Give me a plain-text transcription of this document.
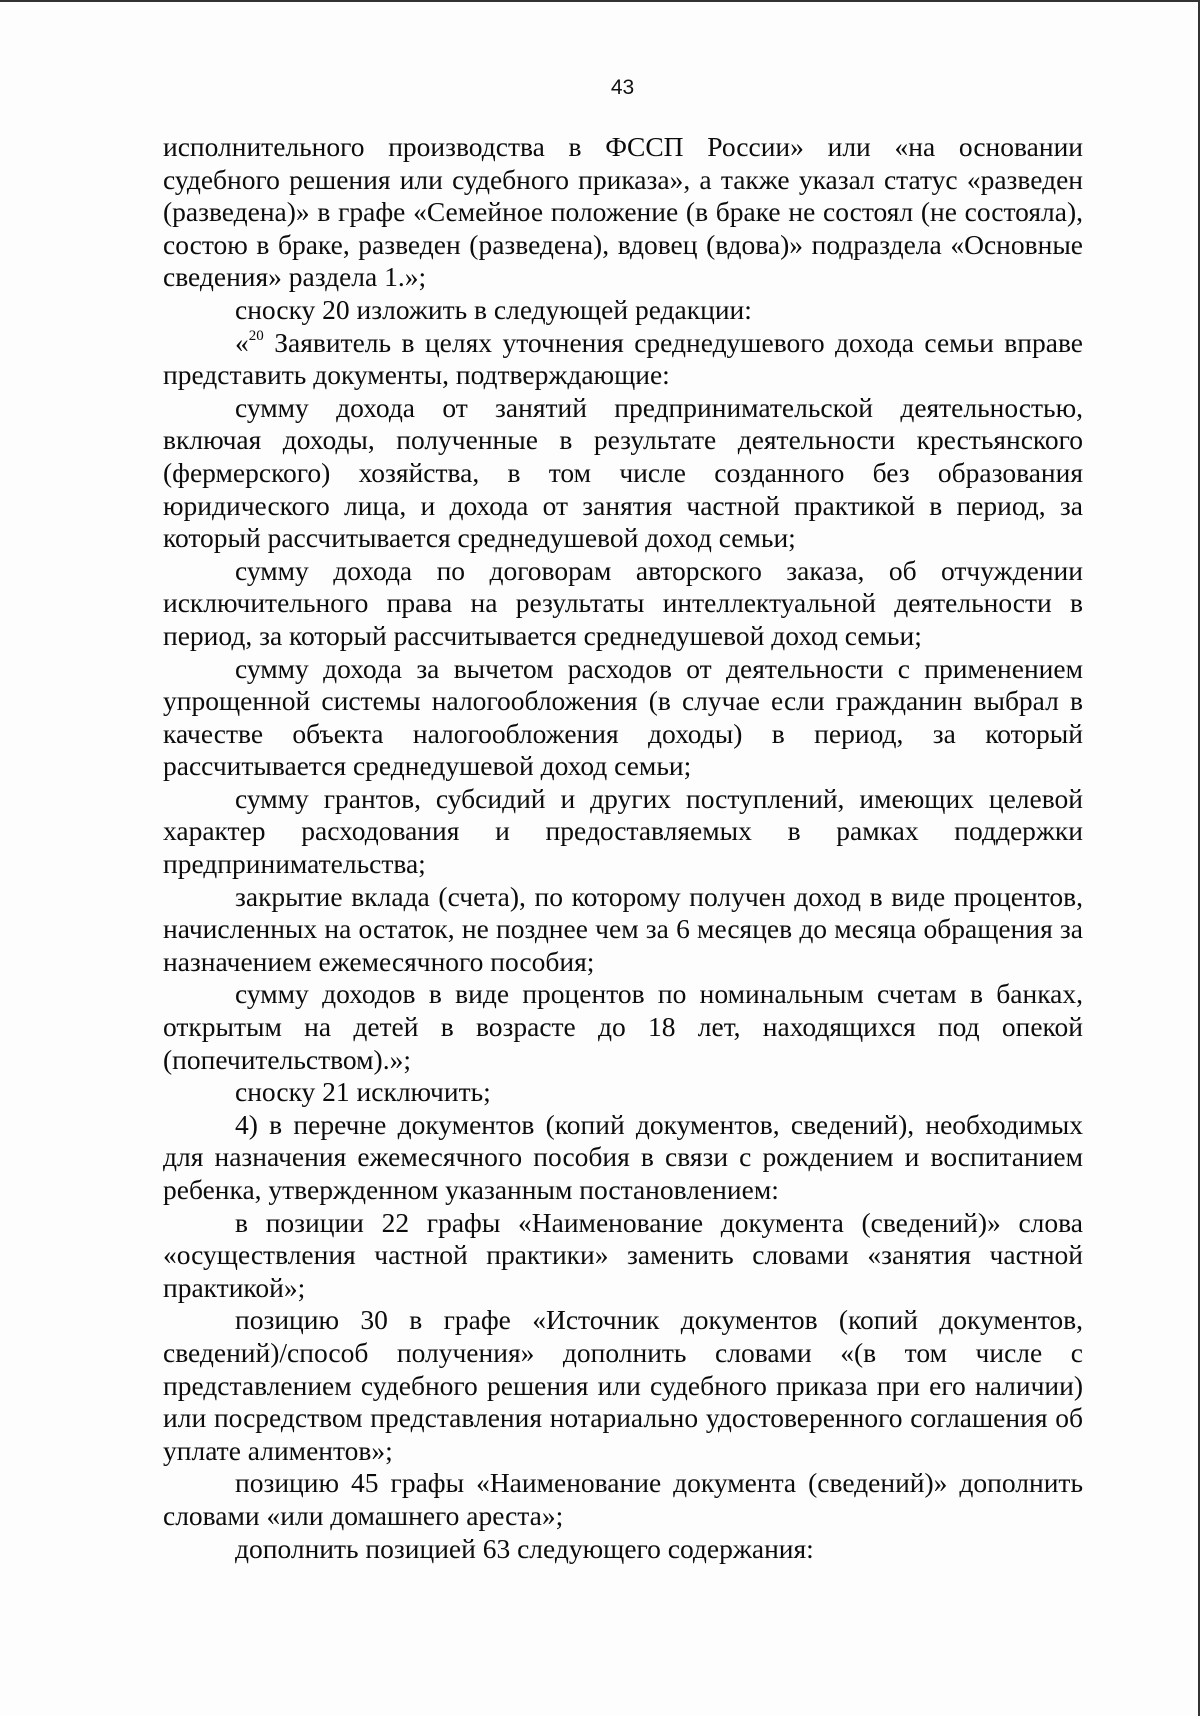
43

исполнительного производства в ФССП России» или «на основании судебного решения или судебного приказа», а также указал статус «разведен (разведена)» в графе «Семейное положение (в браке не состоял (не состояла), состою в браке, разведен (разведена), вдовец (вдова)» подраздела «Основные сведения» раздела 1.»;

сноску 20 изложить в следующей редакции:

«$^{20}$ Заявитель в целях уточнения среднедушевого дохода семьи вправе представить документы, подтверждающие:

сумму дохода от занятий предпринимательской деятельностью, включая доходы, полученные в результате деятельности крестьянского (фермерского) хозяйства, в том числе созданного без образования юридического лица, и дохода от занятия частной практикой в период, за который рассчитывается среднедушевой доход семьи;

сумму дохода по договорам авторского заказа, об отчуждении исключительного права на результаты интеллектуальной деятельности в период, за который рассчитывается среднедушевой доход семьи;

сумму дохода за вычетом расходов от деятельности с применением упрощенной системы налогообложения (в случае если гражданин выбрал в качестве объекта налогообложения доходы) в период, за который рассчитывается среднедушевой доход семьи;

сумму грантов, субсидий и других поступлений, имеющих целевой характер расходования и предоставляемых в рамках поддержки предпринимательства;

закрытие вклада (счета), по которому получен доход в виде процентов, начисленных на остаток, не позднее чем за 6 месяцев до месяца обращения за назначением ежемесячного пособия;

сумму доходов в виде процентов по номинальным счетам в банках, открытым на детей в возрасте до 18 лет, находящихся под опекой (попечительством).»;

сноску 21 исключить;

4) в перечне документов (копий документов, сведений), необходимых для назначения ежемесячного пособия в связи с рождением и воспитанием ребенка, утвержденном указанным постановлением:

в позиции 22 графы «Наименование документа (сведений)» слова «осуществления частной практики» заменить словами «занятия частной практикой»;

позицию 30 в графе «Источник документов (копий документов, сведений)/способ получения» дополнить словами «(в том числе с представлением судебного решения или судебного приказа при его наличии) или посредством представления нотариально удостоверенного соглашения об уплате алиментов»;

позицию 45 графы «Наименование документа (сведений)» дополнить словами «или домашнего ареста»;

дополнить позицией 63 следующего содержания:
